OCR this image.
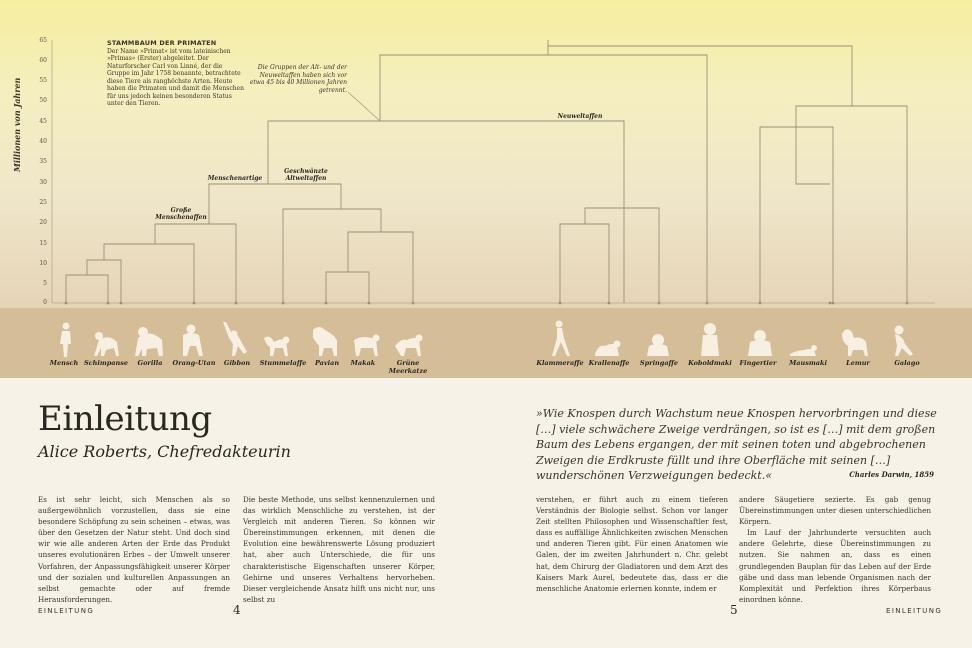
Millionen von Jahren
65
60
55
50
45
40
35
30
25
20
15
10
5
0
STAMMBAUM DER PRIMATEN
Der Name »Primat« ist vom lateinischen »Primas« (Erster) abgeleitet. Der Naturforscher Carl von Linné, der die Gruppe im Jahr 1758 benannte, betrachtete diese Tiere als ranghöchste Arten. Heute haben die Primaten und damit die Menschen für uns jedoch keinen besonderen Status unter den Tieren.
Die Gruppen der Alt- und der Neuweltaffen haben sich vor etwa 45 bis 40 Millionen Jahren getrennt.
Menschenartige
Große Menschenaffen
Geschwänzte Altweltaffen
Neuweltaffen
Mensch Schimpanse	Gorilla	Orang-Utan	Gibbon	Stummelaffe	Pavian	Makak	Grüne Meerkatze
Klammeraffe Krallenaffe	Springaffe	Koboldmaki	Fingertier	Mausmaki	Lemur	Galago
Einleitung
Alice Roberts, Chefredakteurin
»Wie Knospen durch Wachstum neue Knospen hervorbringen und diese […] viele schwächere Zweige verdrängen, so ist es […] mit dem großen Baum des Lebens ergangen, der mit seinen toten und abgebrochenen Zweigen die Erdkruste füllt und ihre Oberfläche mit seinen […] wunderschönen Verzweigungen bedeckt.«	Charles Darwin, 1859

Es ist sehr leicht, sich Menschen als so außergewöhnlich vorzustellen, dass sie eine besondere Schöpfung zu sein scheinen – etwas, was über den Gesetzen der Natur steht. Und doch sind wir wie alle anderen Arten der Erde das Produkt unseres evolutionären Erbes – der Umwelt unserer Vorfahren, der Anpassungsfähigkeit unserer Körper und der sozialen und kulturellen Anpassungen an selbst gemachte oder auf fremde Herausforderungen.

Die beste Methode, uns selbst kennenzulernen und das wirklich Menschliche zu verstehen, ist der Vergleich mit anderen Tieren. So können wir Übereinstimmungen erkennen, mit denen die Evolution eine bewährenswerte Lösung produziert hat, aber auch Unterschiede, die für uns charakteristische Eigenschaften unserer Körper, Gehirne und unseres Verhaltens hervorheben. Dieser vergleichende Ansatz hilft uns nicht nur, uns selbst zu

verstehen, er führt auch zu einem tieferen Verständnis der Biologie selbst. Schon vor langer Zeit stellten Philosophen und Wissenschaftler fest, dass es auffällige Ähnlichkeiten zwischen Menschen und anderen Tieren gibt. Für einen Anatomen wie Galen, der im zweiten Jahrhundert n. Chr. gelebt hat, dem Chirurg der Gladiatoren und dem Arzt des Kaisers Mark Aurel, bedeutete das, dass er die menschliche Anatomie erlernen konnte, indem er

andere Säugetiere sezierte. Es gab genug Übereinstimmungen unter diesen unterschiedlichen Körpern.

Im Lauf der Jahrhunderte versuchten auch andere Gelehrte, diese Übereinstimmungen zu nutzen. Sie nahmen an, dass es einen grundlegenden Bauplan für das Leben auf der Erde gäbe und dass man lebende Organismen nach der Komplexität und Perfektion ihres Körperbaus einordnen könne.

EINLEITUNG	4	5	EINLEITUNG
